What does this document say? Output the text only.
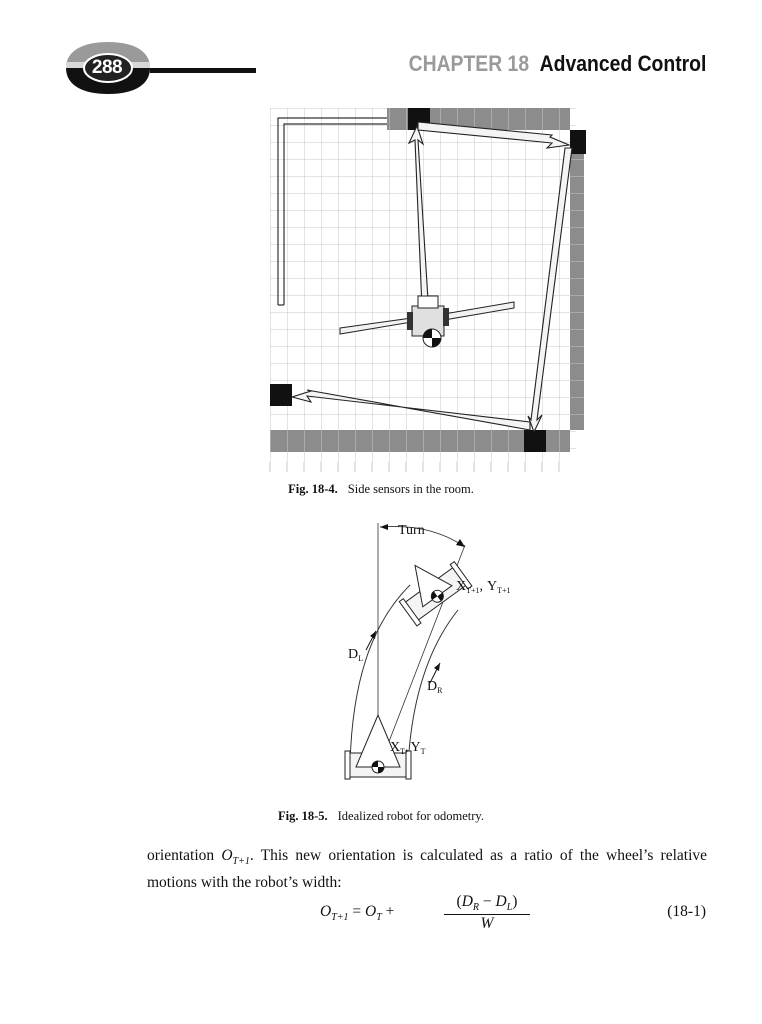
288	CHAPTER 18 Advanced Control
Fig. 18-4. Side sensors in the room.
Turn
$X_{T+1}$, $Y_{T+1}$
$D_L$
$D_R$
$X_T$, $Y_T$
Fig. 18-5. Idealized robot for odometry.
orientation $O_{T+1}$. This new orientation is calculated as a ratio of the wheel’s relative motions with the robot’s width:
$O_{T+1} = O_T$ +	$\frac{(D_R - D_L)}{W}$	(18-1)
